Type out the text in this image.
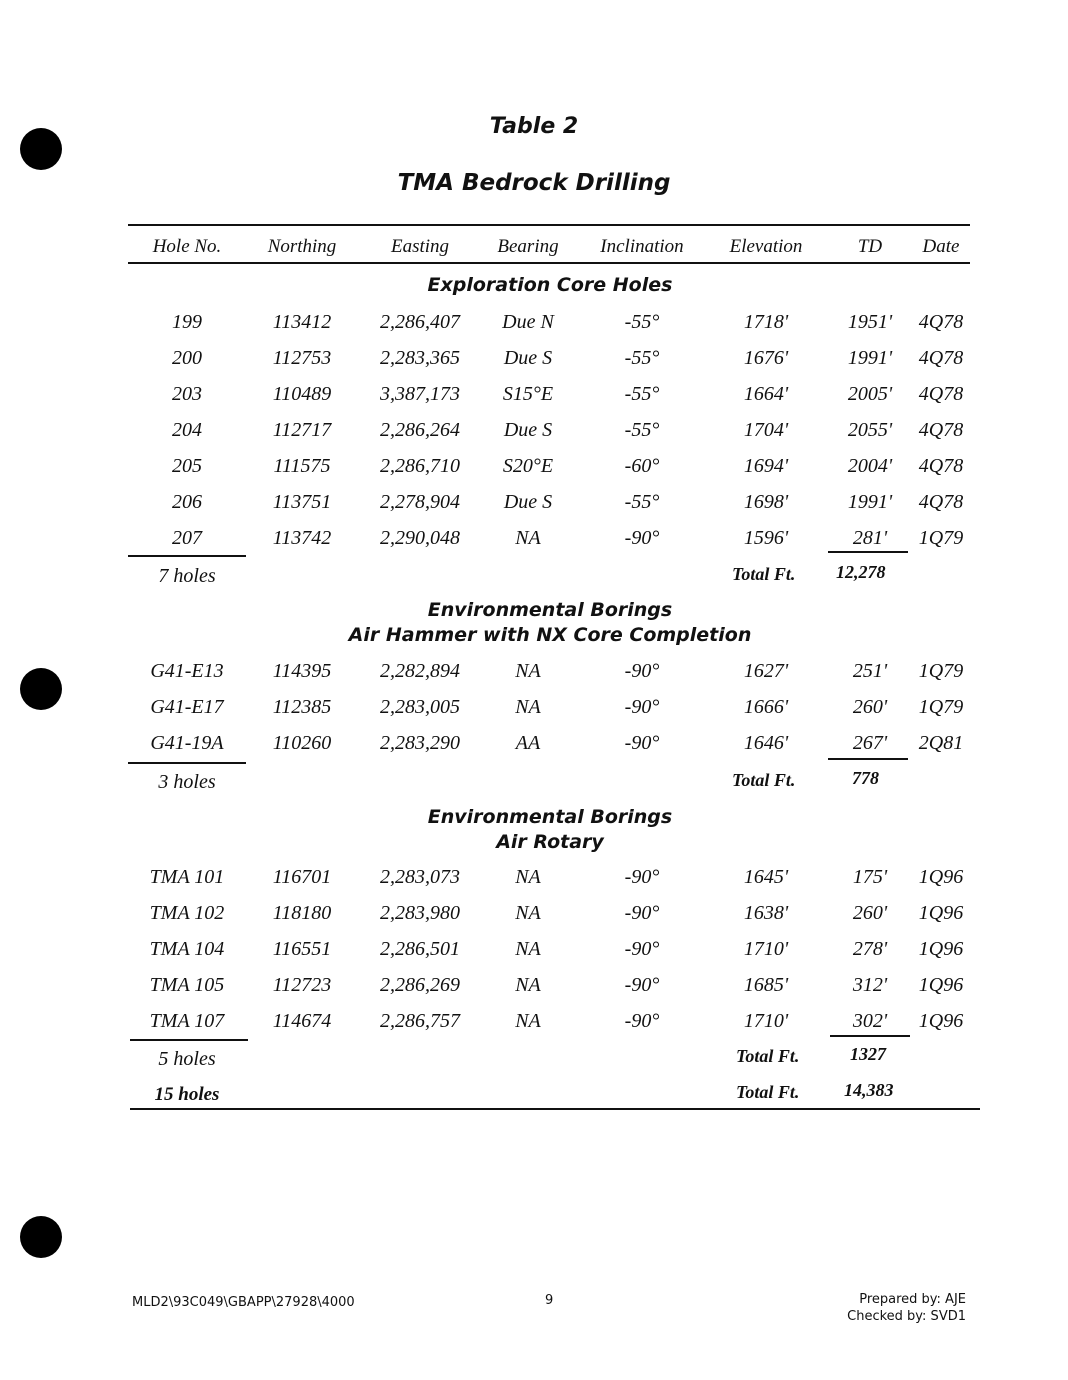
Table 2
TMA Bedrock Drilling
Hole No.	Northing	Easting	Bearing	Inclination	Elevation	TD	Date
Exploration Core Holes
199	113412	2,286,407	Due N	-55°	1718'	1951'	4Q78
200	112753	2,283,365	Due S	-55°	1676'	1991'	4Q78
203	110489	3,387,173	S15°E	-55°	1664'	2005'	4Q78
204	112717	2,286,264	Due S	-55°	1704'	2055'	4Q78
205	111575	2,286,710	S20°E	-60°	1694'	2004'	4Q78
206	113751	2,278,904	Due S	-55°	1698'	1991'	4Q78
207	113742	2,290,048	NA	-90°	1596'	281'	1Q79
7 holes	Total Ft. 12,278
Environmental Borings
Air Hammer with NX Core Completion
G41-E13	114395	2,282,894	NA	-90°	1627'	251'	1Q79
G41-E17	112385	2,283,005	NA	-90°	1666'	260'	1Q79
G41-19A	110260	2,283,290	AA	-90°	1646'	267'	2Q81
3 holes	Total Ft.	778
Environmental Borings
Air Rotary
TMA 101	116701	2,283,073	NA	-90°	1645'	175'	1Q96
TMA 102	118180	2,283,980	NA	-90°	1638'	260'	1Q96
TMA 104	116551	2,286,501	NA	-90°	1710'	278'	1Q96
TMA 105	112723	2,286,269	NA	-90°	1685'	312'	1Q96
TMA 107	114674	2,286,757	NA	-90°	1710'	302'	1Q96
5 holes	Total Ft.	1327
15 holes	Total Ft. 14,383
MLD2\93C049\GBAPP\27928\4000	9	Prepared by: AJE
Checked by: SVD1
